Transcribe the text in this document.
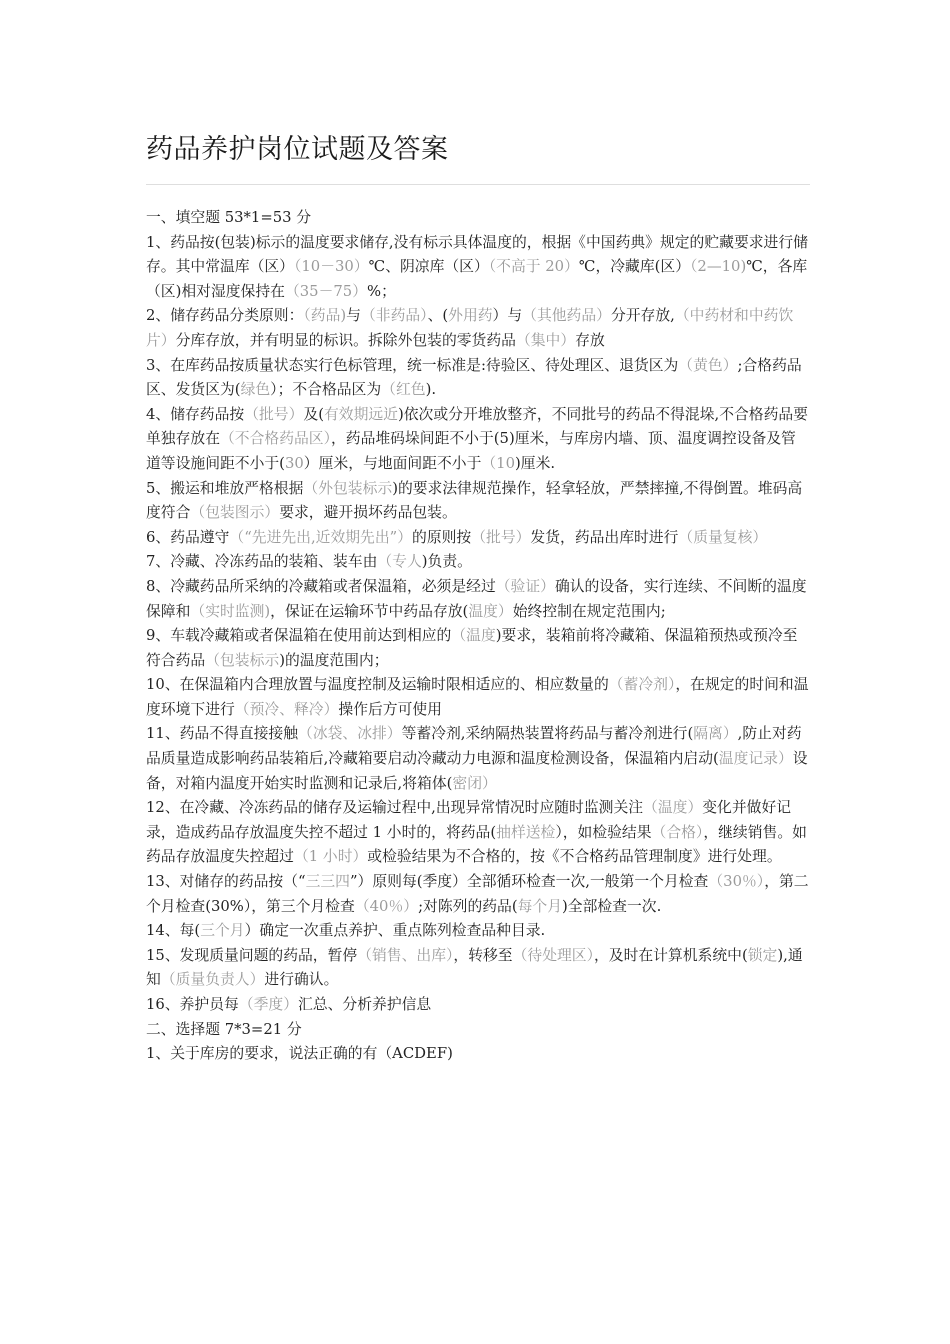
药品养护岗位试题及答案

一、填空题 53*1=53 分

1、药品按(包装)标示的温度要求储存,没有标示具体温度的，根据《中国药典》规定的贮藏要求进行储存。其中常温库（区）（10－30）℃、阴凉库（区）（不高于 20）℃，冷藏库(区）（2—10)℃，各库（区)相对湿度保持在（35－75）%；

2、储存药品分类原则：（药品)与（非药品）、(外用药）与（其他药品）分开存放,（中药材和中药饮片）分库存放，并有明显的标识。拆除外包装的零货药品（集中）存放

3、在库药品按质量状态实行色标管理，统一标准是:待验区、待处理区、退货区为（黄色）;合格药品区、发货区为(绿色）；不合格品区为（红色).

4、储存药品按（批号）及(有效期远近)依次或分开堆放整齐，不同批号的药品不得混垛,不合格药品要单独存放在（不合格药品区），药品堆码垛间距不小于(5)厘米，与库房内墙、顶、温度调控设备及管道等设施间距不小于(30）厘米，与地面间距不小于（10)厘米.

5、搬运和堆放严格根据（外包装标示)的要求法律规范操作，轻拿轻放，严禁摔撞,不得倒置。堆码高度符合（包装图示）要求，避开损坏药品包装。

6、药品遵守（“先进先出,近效期先出”）的原则按（批号）发货，药品出库时进行（质量复核）

7、冷藏、冷冻药品的装箱、装车由（专人)负责。

8、冷藏药品所采纳的冷藏箱或者保温箱，必须是经过（验证）确认的设备，实行连续、不间断的温度保障和（实时监测)，保证在运输环节中药品存放(温度）始终控制在规定范围内;

9、车载冷藏箱或者保温箱在使用前达到相应的（温度)要求，装箱前将冷藏箱、保温箱预热或预冷至符合药品（包装标示)的温度范围内；

10、在保温箱内合理放置与温度控制及运输时限相适应的、相应数量的（蓄冷剂），在规定的时间和温度环境下进行（预冷、释冷）操作后方可使用

11、药品不得直接接触（冰袋、冰排）等蓄冷剂,采纳隔热装置将药品与蓄冷剂进行(隔离）,防止对药品质量造成影响药品装箱后,冷藏箱要启动冷藏动力电源和温度检测设备，保温箱内启动(温度记录）设备，对箱内温度开始实时监测和记录后,将箱体(密闭）

12、在冷藏、冷冻药品的储存及运输过程中,出现异常情况时应随时监测关注（温度）变化并做好记录，造成药品存放温度失控不超过 1 小时的，将药品(抽样送检），如检验结果（合格），继续销售。如药品存放温度失控超过（1 小时）或检验结果为不合格的，按《不合格药品管理制度》进行处理。

13、对储存的药品按（“三三四”）原则每(季度）全部循环检查一次,一般第一个月检查（30％），第二个月检查(30%），第三个月检查（40％）;对陈列的药品(每个月)全部检查一次.

14、每(三个月）确定一次重点养护、重点陈列检查品种目录.

15、发现质量问题的药品，暂停（销售、出库），转移至（待处理区），及时在计算机系统中(锁定),通知（质量负责人）进行确认。

16、养护员每（季度）汇总、分析养护信息

二、选择题 7*3=21 分

1、关于库房的要求，说法正确的有（ACDEF)
